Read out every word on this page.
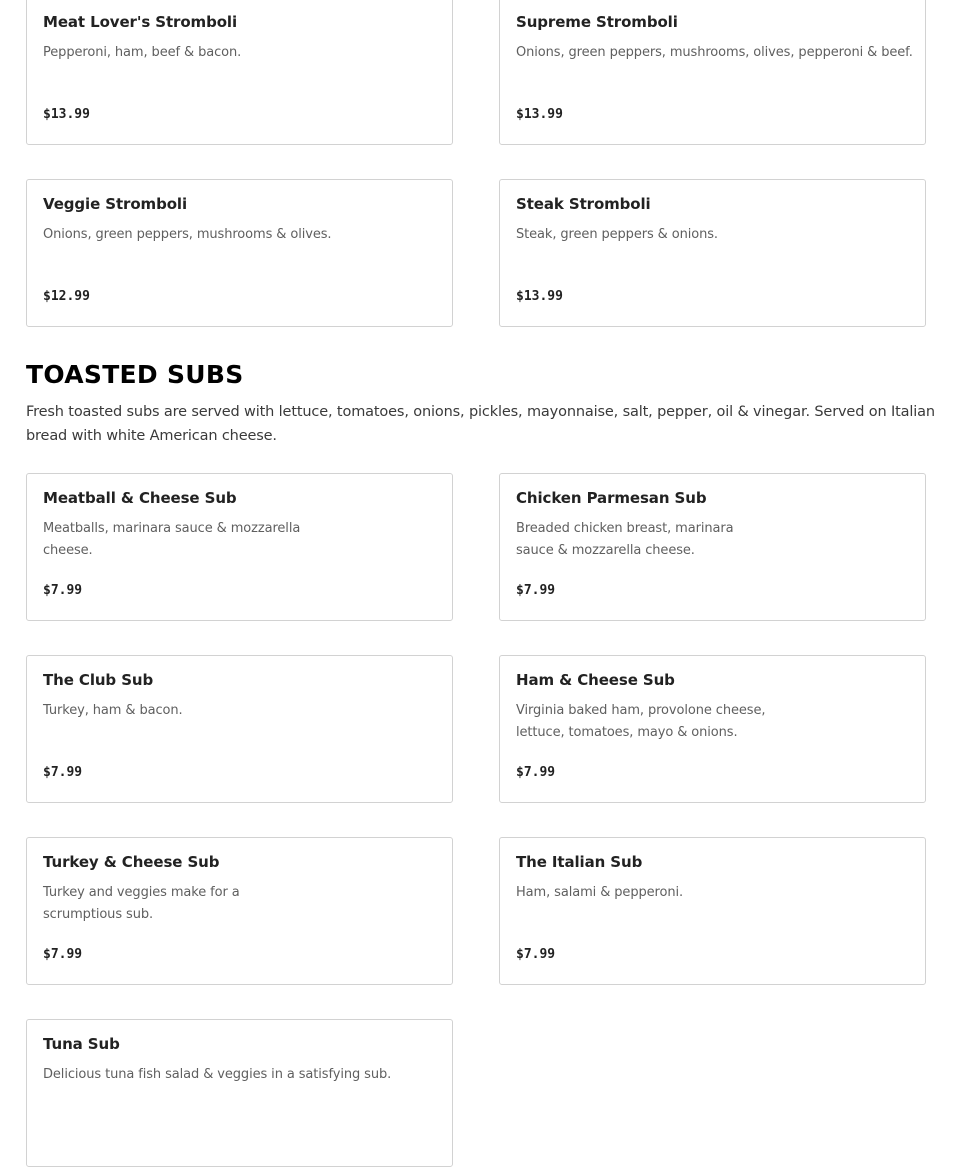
Meat Lover's Stromboli
Pepperoni, ham, beef & bacon.
$13.99
Supreme Stromboli
Onions, green peppers, mushrooms, olives, pepperoni & beef.
$13.99
Veggie Stromboli
Onions, green peppers, mushrooms & olives.
$12.99
Steak Stromboli
Steak, green peppers & onions.
$13.99
TOASTED SUBS

Fresh toasted subs are served with lettuce, tomatoes, onions, pickles, mayonnaise, salt, pepper, oil & vinegar. Served on Italian bread with white American cheese.

Meatball & Cheese Sub
Meatballs, marinara sauce & mozzarella cheese.
$7.99
Chicken Parmesan Sub
Breaded chicken breast, marinara sauce & mozzarella cheese.
$7.99
The Club Sub
Turkey, ham & bacon.
$7.99
Ham & Cheese Sub
Virginia baked ham, provolone cheese, lettuce, tomatoes, mayo & onions.
$7.99
Turkey & Cheese Sub
Turkey and veggies make for a scrumptious sub.
$7.99
The Italian Sub
Ham, salami & pepperoni.
$7.99
Tuna Sub
Delicious tuna fish salad & veggies in a satisfying sub.
